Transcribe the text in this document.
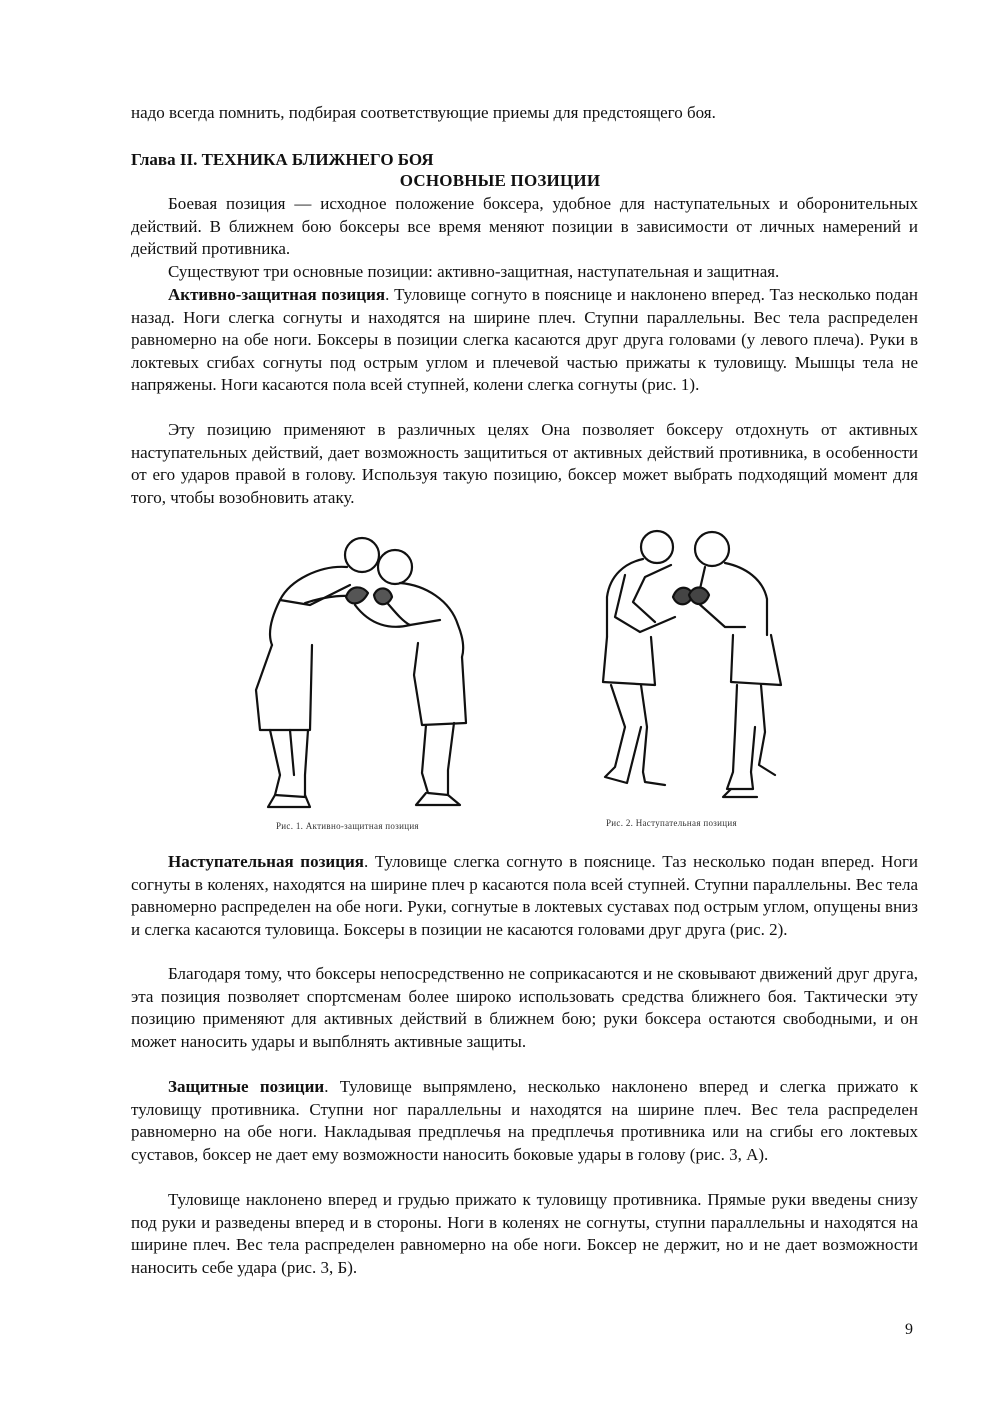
надо всегда помнить, подбирая соответствующие приемы для предстоящего боя.

Глава II. ТЕХНИКА БЛИЖНЕГО БОЯ

ОСНОВНЫЕ ПОЗИЦИИ

Боевая позиция — исходное положение боксера, удобное для наступательных и оборонительных действий. В ближнем бою боксеры все время меняют позиции в зависимости от личных намерений и действий противника.

Существуют три основные позиции: активно-защитная, наступательная и защитная.

Активно-защитная позиция. Туловище согнуто в пояснице и наклонено вперед. Таз несколько подан назад. Ноги слегка согнуты и находятся на ширине плеч. Ступни параллельны. Вес тела распределен равномерно на обе ноги. Боксеры в позиции слегка касаются друг друга головами (у левого плеча). Руки в локтевых сгибах согнуты под острым углом и плечевой частью прижаты к туловищу. Мышцы тела не напряжены. Ноги касаются пола всей ступней, колени слегка согнуты (рис. 1).

Эту позицию применяют в различных целях Она позволяет боксеру отдохнуть от активных наступательных действий, дает возможность защититься от активных действий противника, в особенности от его ударов правой в голову. Используя такую позицию, боксер может выбрать подходящий момент для того, чтобы возобновить атаку.

Рис. 1. Активно-защитная позиция	Рис. 2. Наступательная позиция

Наступательная позиция. Туловище слегка согнуто в пояснице. Таз несколько подан вперед. Ноги согнуты в коленях, находятся на ширине плеч р касаются пола всей ступней. Ступни параллельны. Вес тела равномерно распределен на обе ноги. Руки, согнутые в локтевых суставах под острым углом, опущены вниз и слегка касаются туловища. Боксеры в позиции не касаются головами друг друга (рис. 2).

Благодаря тому, что боксеры непосредственно не соприкасаются и не сковывают движений друг друга, эта позиция позволяет спортсменам более широко использовать средства ближнего боя. Тактически эту позицию применяют для активных действий в ближнем бою; руки боксера остаются свободными, и он может наносить удары и выпблнять активные защиты.

Защитные позиции. Туловище выпрямлено, несколько наклонено вперед и слегка прижато к туловищу противника. Ступни ног параллельны и находятся на ширине плеч. Вес тела распределен равномерно на обе ноги. Накладывая предплечья на предплечья противника или на сгибы его локтевых суставов, боксер не дает ему возможности наносить боковые удары в голову (рис. 3, А).

Туловище наклонено вперед и грудью прижато к туловищу противника. Прямые руки введены снизу под руки и разведены вперед и в стороны. Ноги в коленях не согнуты, ступни параллельны и находятся на ширине плеч. Вес тела распределен равномерно на обе ноги. Боксер не держит, но и не дает возможности наносить себе удара (рис. 3, Б).

9
